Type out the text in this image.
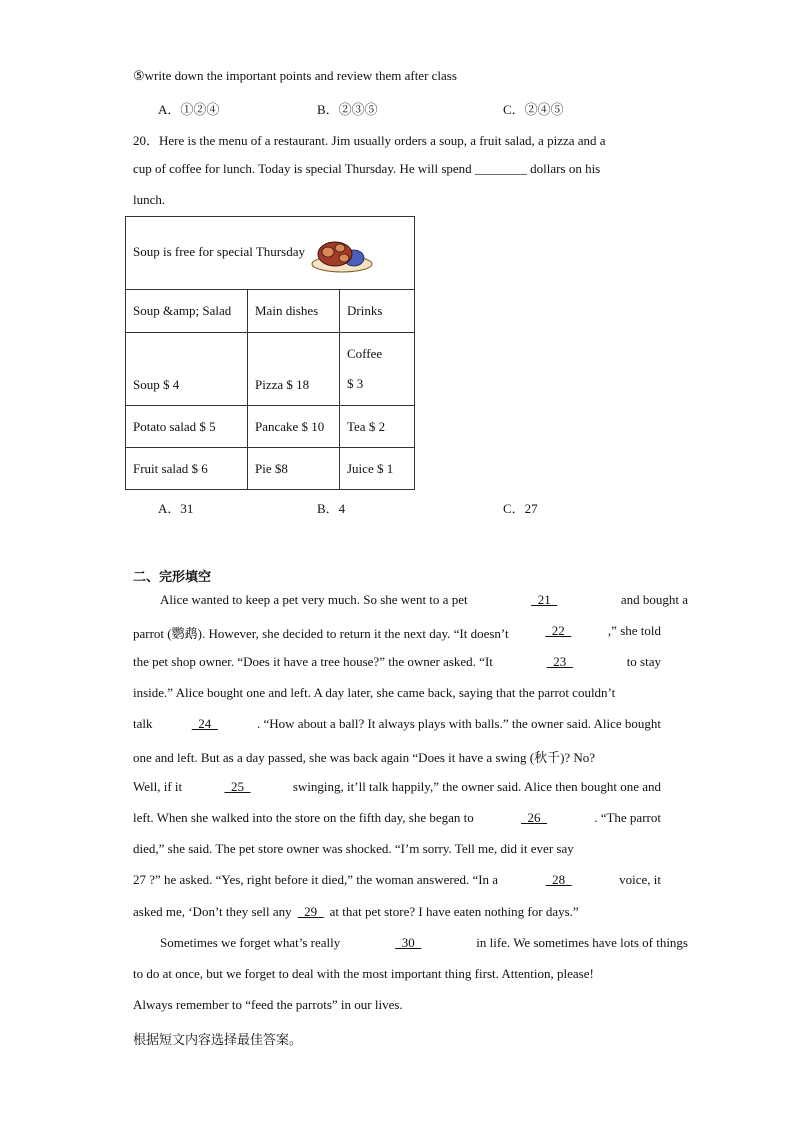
⑤write down the important points and review them after class
A．①②④	B．②③⑤	C．②④⑤
20．Here is the menu of a restaurant. Jim usually orders a soup, a fruit salad, a pizza and a
cup of coffee for lunch. Today is special Thursday. He will spend ________ dollars on his
lunch.
Soup is free for special Thursday		
Soup &amp; Salad	Main dishes	Drinks
Soup $ 4	Pizza $ 18	Coffee
$ 3

Potato salad $ 5	Pancake $ 10	Tea $ 2
Fruit salad $ 6	Pie $8	Juice $ 1
A．31	B．4	C．27
二、完形填空
Alice wanted to keep a pet very much. So she went to a pet	21	and bought a
parrot (鹦鹉). However, she decided to return it the next day. “It doesn’t	22	,” she told
the pet shop owner. “Does it have a tree house?” the owner asked. “It	23	to stay
inside.” Alice bought one and left. A day later, she came back, saying that the parrot couldn’t
talk	24	. “How about a ball? It always plays with balls.” the owner said. Alice bought
one and left. But as a day passed, she was back again “Does it have a swing (秋千)? No?
Well, if it	25	swinging, it’ll talk happily,” the owner said. Alice then bought one and
left. When she walked into the store on the fifth day, she began to	26	. “The parrot
died,” she said. The pet store owner was shocked. “I’m sorry. Tell me, did it ever say
27 ?” he asked. “Yes, right before it died,” the woman answered. “In a	28	voice, it
asked me, ‘Don’t they sell any 29 at that pet store? I have eaten nothing for days.”
Sometimes we forget what’s really	30	in life. We sometimes have lots of things
to do at once, but we forget to deal with the most important thing first. Attention, please!
Always remember to “feed the parrots” in our lives.
根据短文内容选择最佳答案。
